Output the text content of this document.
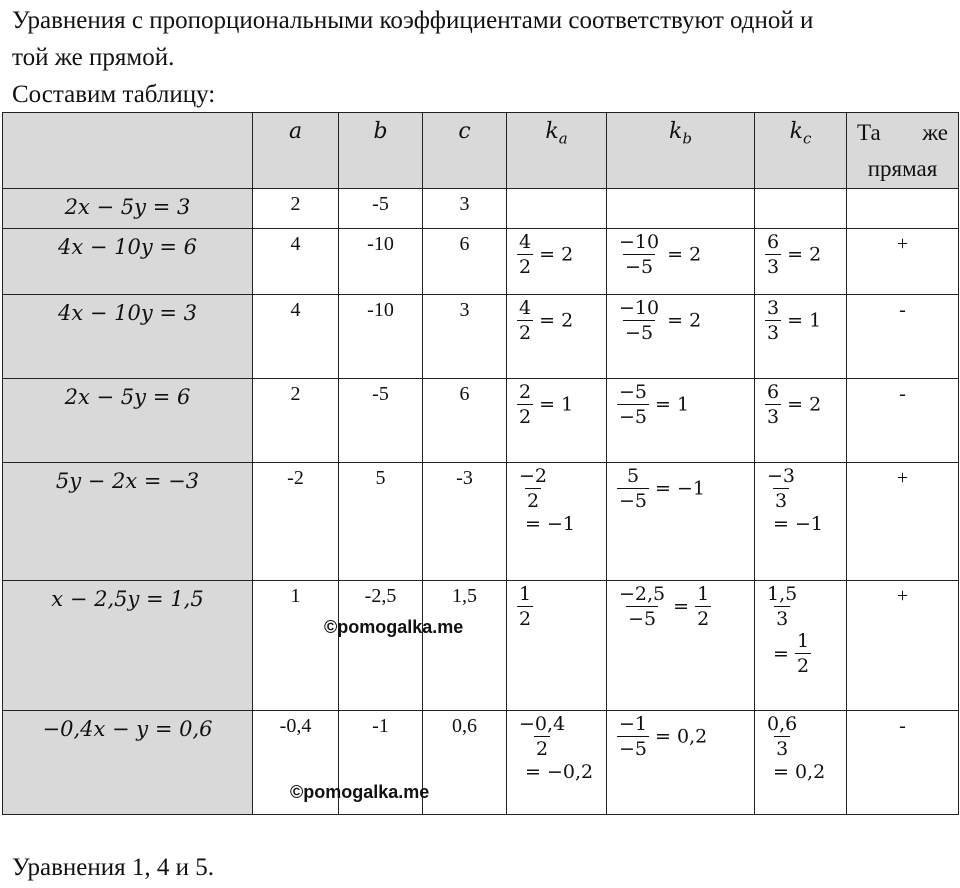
Уравнения с пропорциональными коэффициентами соответствуют одной и

той же прямой.

Составим таблицу:

	a	b	c	$k_a$	$k_b$	$k_c$	Та же
прямая

2x − 5y = 3	2	-5	3				
4x − 10y = 6	4	-10	6	$\frac{4}{2} = 2$	$\frac{-10}{-5} = 2$	$\frac{6}{3} = 2$	+
4x − 10y = 3	4	-10	3	$\frac{4}{2} = 2$	$\frac{-10}{-5} = 2$	$\frac{3}{3} = 1$	-
2x − 5y = 6	2	-5	6	$\frac{2}{2} = 1$	$\frac{-5}{-5} = 1$	$\frac{6}{3} = 2$	-
5y − 2x = −3	-2	5	-3	$\frac{-2}{2}$

= −1	$\frac{5}{-5} = -1$	$\frac{-3}{3}$

= −1	+
x − 2,5y = 1,5	1	-2,5	1,5	$\frac{1}{2}$	$\frac{-2,5}{-5} = \frac{1}{2}$	$\frac{1,5}{3}$

= $\frac{1}{2}$	+
−0,4x − y = 0,6	-0,4	-1	0,6	$\frac{-0,4}{2}$

= −0,2	$\frac{-1}{-5} = 0,2$	$\frac{0,6}{3}$

= 0,2	-
©pomogalka.me
©pomogalka.me
Уравнения 1, 4 и 5.
